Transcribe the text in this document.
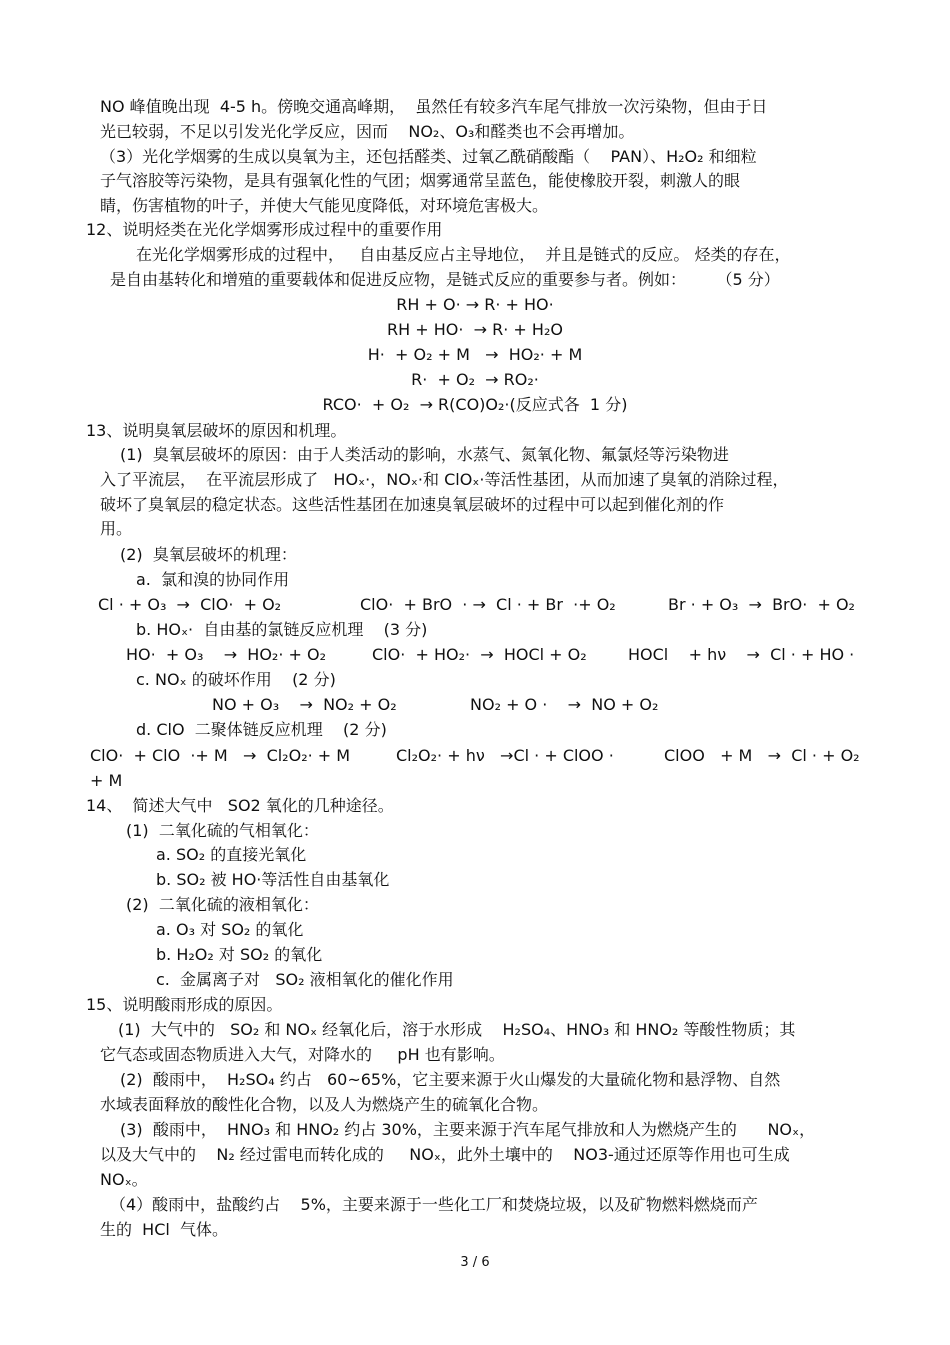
NO 峰值晚出现  4-5 h。傍晚交通高峰期，  虽然任有较多汽车尾气排放一次污染物，但由于日

光已较弱，不足以引发光化学反应，因而    NO₂、O₃和醛类也不会再增加。

（3）光化学烟雾的生成以臭氧为主，还包括醛类、过氧乙酰硝酸酯（    PAN）、H₂O₂ 和细粒

子气溶胶等污染物，是具有强氧化性的气团；烟雾通常呈蓝色，能使橡胶开裂，刺激人的眼

睛，伤害植物的叶子，并使大气能见度降低，对环境危害极大。

12、说明烃类在光化学烟雾形成过程中的重要作用

在光化学烟雾形成的过程中，   自由基反应占主导地位，  并且是链式的反应。 烃类的存在，

是自由基转化和增殖的重要载体和促进反应物，是链式反应的重要参与者。例如：      （5 分）

RH + O· → R· + HO·

RH + HO·  → R· + H₂O

H·  + O₂ + M   →  HO₂· + M

R·  + O₂  → RO₂·

RCO·  + O₂  → R(CO)O₂·(反应式各  1 分)

13、说明臭氧层破坏的原因和机理。

(1)  臭氧层破坏的原因：由于人类活动的影响，水蒸气、氮氧化物、氟氯烃等污染物进

入了平流层，  在平流层形成了   HOₓ·，NOₓ·和 ClOₓ·等活性基团，从而加速了臭氧的消除过程，

破坏了臭氧层的稳定状态。这些活性基团在加速臭氧层破坏的过程中可以起到催化剂的作

用。

(2)  臭氧层破坏的机理：

a.  氯和溴的协同作用

Cl · + O₃  →  ClO·  + O₂	ClO·  + BrO  · →  Cl · + Br  ·+ O₂	Br · + O₃  →  BrO·  + O₂

b. HOₓ·  自由基的氯链反应机理    (3 分)

HO·  + O₃    →  HO₂· + O₂	ClO·  + HO₂·  →  HOCl + O₂	HOCl    + hν    →  Cl · + HO ·

c. NOₓ 的破坏作用    (2 分)

NO + O₃    →  NO₂ + O₂	NO₂ + O ·    →  NO + O₂

d. ClO  二聚体链反应机理    (2 分)

ClO·  + ClO  ·+ M   →  Cl₂O₂· + M	Cl₂O₂· + hν   →Cl · + ClOO ·	ClOO   + M   →  Cl · + O₂

+ M

14、  简述大气中   SO2 氧化的几种途径。

(1)  二氧化硫的气相氧化：

a. SO₂ 的直接光氧化

b. SO₂ 被 HO·等活性自由基氧化

(2)  二氧化硫的液相氧化：

a. O₃ 对 SO₂ 的氧化

b. H₂O₂ 对 SO₂ 的氧化

c.  金属离子对   SO₂ 液相氧化的催化作用

15、说明酸雨形成的原因。

(1)  大气中的   SO₂ 和 NOₓ 经氧化后，溶于水形成    H₂SO₄、HNO₃ 和 HNO₂ 等酸性物质；其

它气态或固态物质进入大气，对降水的     pH 也有影响。

(2)  酸雨中，  H₂SO₄ 约占   60~65%，它主要来源于火山爆发的大量硫化物和悬浮物、自然

水域表面释放的酸性化合物，以及人为燃烧产生的硫氧化合物。

(3)  酸雨中，  HNO₃ 和 HNO₂ 约占 30%，主要来源于汽车尾气排放和人为燃烧产生的      NOₓ，

以及大气中的    N₂ 经过雷电而转化成的     NOₓ，此外土壤中的    NO3-通过还原等作用也可生成

NOₓ。

（4）酸雨中，盐酸约占    5%，主要来源于一些化工厂和焚烧垃圾，以及矿物燃料燃烧而产

生的  HCl  气体。

3 / 6
